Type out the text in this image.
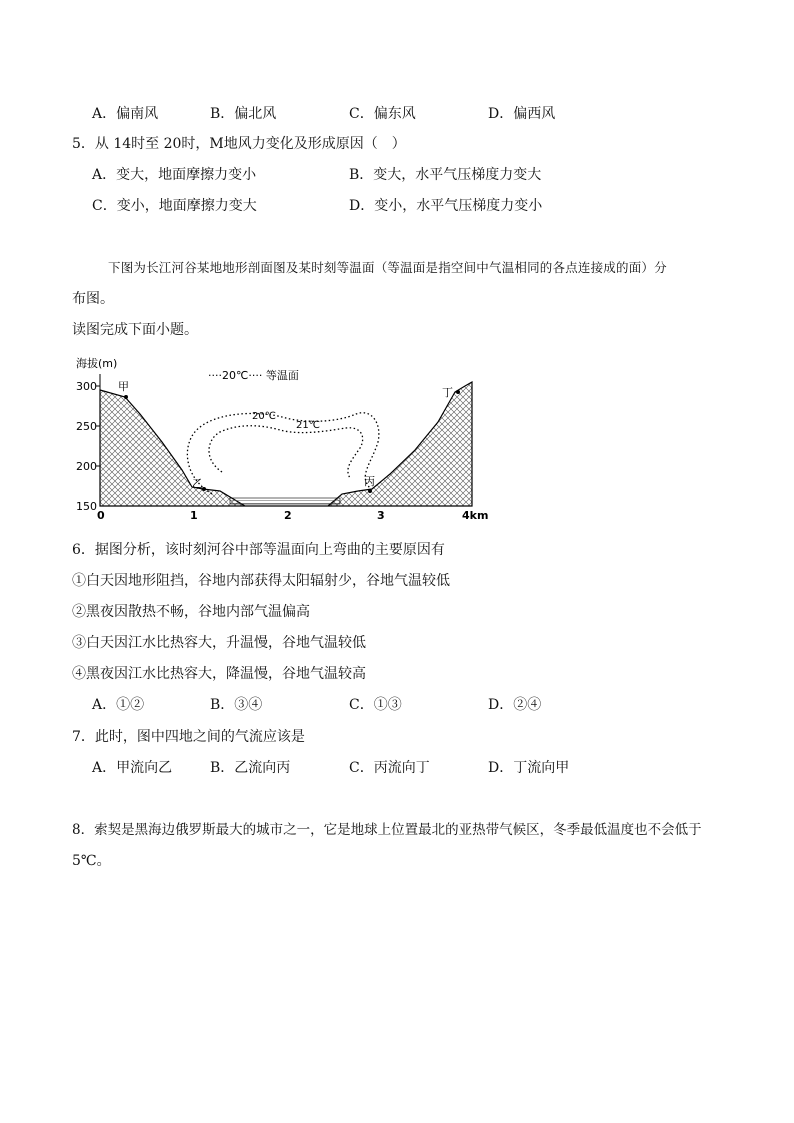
A．偏南风	B．偏北风	C．偏东风	D．偏西风
5．从 14时至 20时，M地风力变化及形成原因（　）
A．变大，地面摩擦力变小	B．变大，水平气压梯度力变大
C．变小，地面摩擦力变大	D．变小，水平气压梯度力变小
下图为长江河谷某地地形剖面图及某时刻等温面（等温面是指空间中气温相同的各点连接成的面）分
布图。
读图完成下面小题。
海拔(m)
····20℃···· 等温面
300
250
200
150
0	1	2	3	4km
20℃
21℃
甲
乙	丙
丁
6．据图分析，该时刻河谷中部等温面向上弯曲的主要原因有
①白天因地形阻挡，谷地内部获得太阳辐射少，谷地气温较低
②黑夜因散热不畅，谷地内部气温偏高
③白天因江水比热容大，升温慢，谷地气温较低
④黑夜因江水比热容大，降温慢，谷地气温较高
A．①②	B．③④	C．①③	D．②④
7．此时，图中四地之间的气流应该是
A．甲流向乙	B．乙流向丙	C．丙流向丁	D．丁流向甲
8．索契是黑海边俄罗斯最大的城市之一，它是地球上位置最北的亚热带气候区，冬季最低温度也不会低于
5℃。
